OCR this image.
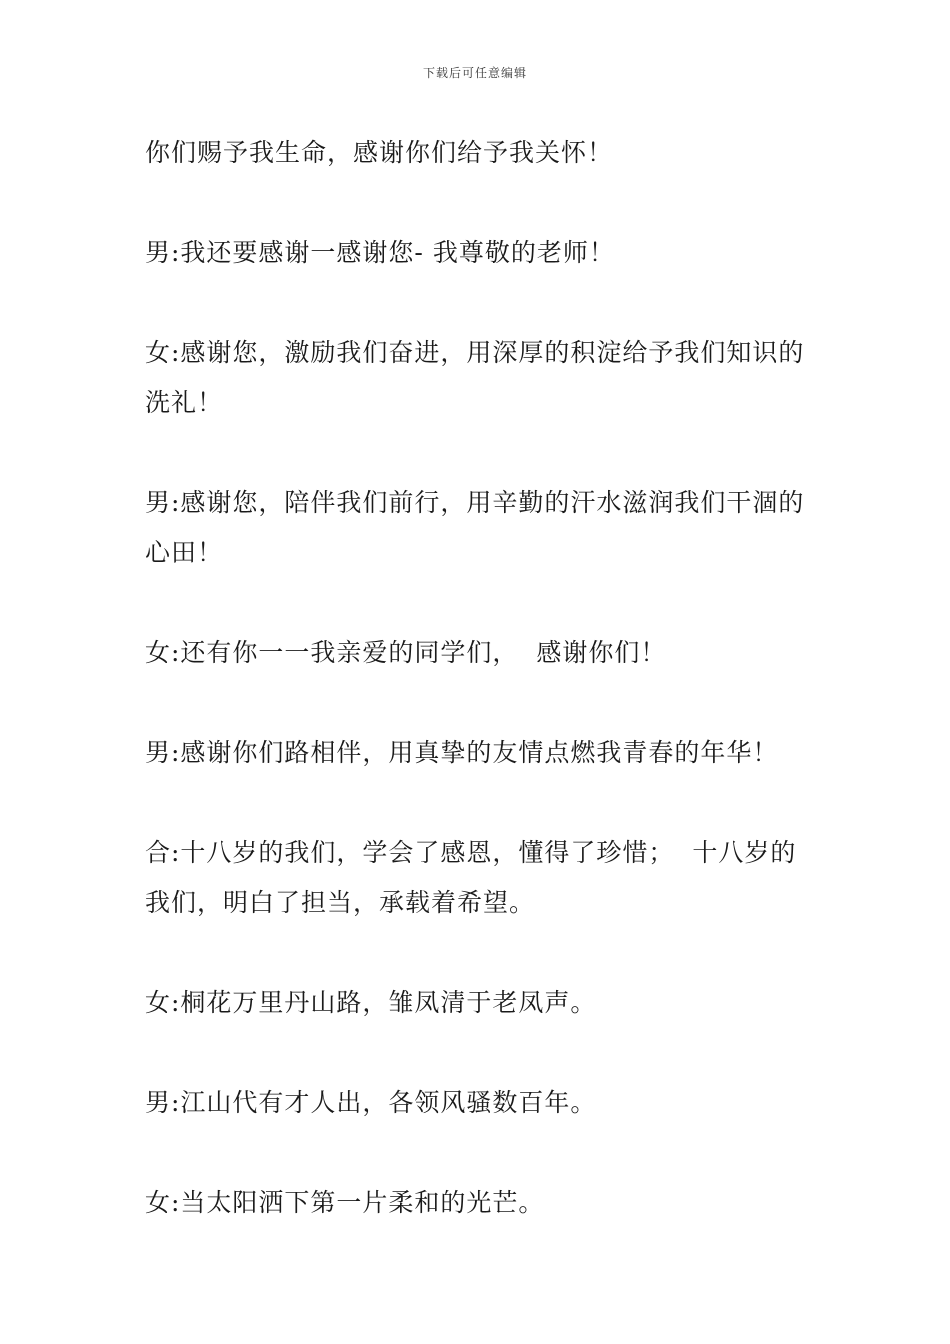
下载后可任意编辑

你们赐予我生命，感谢你们给予我关怀！

男:我还要感谢一感谢您- 我尊敬的老师！

女:感谢您，激励我们奋进，用深厚的积淀给予我们知识的洗礼！

男:感谢您，陪伴我们前行，用辛勤的汗水滋润我们干涸的心田！

女:还有你一一我亲爱的同学们，  感谢你们！

男:感谢你们路相伴，用真挚的友情点燃我青春的年华！

合:十八岁的我们，学会了感恩，懂得了珍惜；  十八岁的我们，明白了担当，承载着希望。

女:桐花万里丹山路，雏凤清于老凤声。

男:江山代有才人出，各领风骚数百年。

女:当太阳洒下第一片柔和的光芒。
